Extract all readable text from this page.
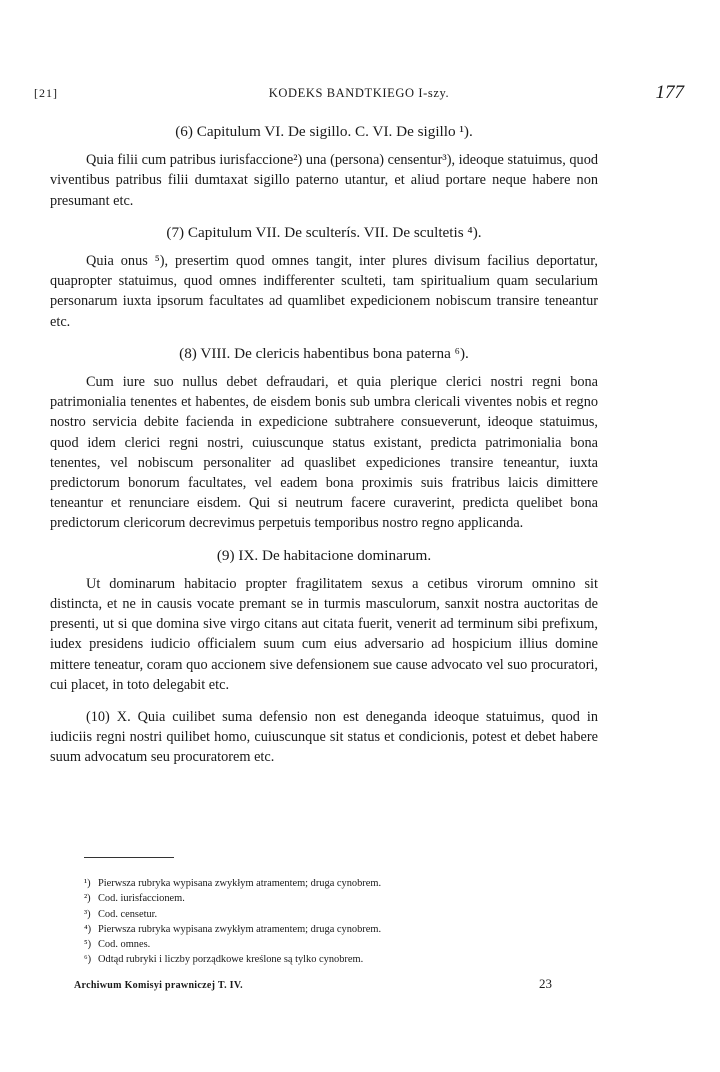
[21]	KODEKS BANDTKIEGO I-szy.	177

(6) Capitulum VI. De sigillo. C. VI. De sigillo ¹).

Quia filii cum patribus iurisfaccione²) una (persona) censentur³), ideoque statuimus, quod viventibus patribus filii dumtaxat sigillo paterno utantur, et aliud portare neque habere non presumant etc.

(7) Capitulum VII. De sculterís. VII. De scultetis ⁴).

Quia onus ⁵), presertim quod omnes tangit, inter plures divisum facilius deportatur, quapropter statuimus, quod omnes indifferenter sculteti, tam spiritualium quam secularium personarum iuxta ipsorum facultates ad quamlibet expedicionem nobiscum transire teneantur etc.

(8) VIII. De clericis habentibus bona paterna ⁶).

Cum iure suo nullus debet defraudari, et quia plerique clerici nostri regni bona patrimonialia tenentes et habentes, de eisdem bonis sub umbra clericali viventes nobis et regno nostro servicia debite facienda in expedicione subtrahere consueverunt, ideoque statuimus, quod idem clerici regni nostri, cuiuscunque status existant, predicta patrimonialia bona tenentes, vel nobiscum personaliter ad quaslibet expediciones transire teneantur, iuxta predictorum bonorum facultates, vel eadem bona proximis suis fratribus laicis dimittere teneantur et renunciare eisdem. Qui si neutrum facere curaverint, predicta quelibet bona predictorum clericorum decrevimus perpetuis temporibus nostro regno applicanda.

(9) IX. De habitacione dominarum.

Ut dominarum habitacio propter fragilitatem sexus a cetibus virorum omnino sit distincta, et ne in causis vocate premant se in turmis masculorum, sanxit nostra auctoritas de presenti, ut si que domina sive virgo citans aut citata fuerit, venerit ad terminum sibi prefixum, iudex presidens iudicio officialem suum cum eius adversario ad hospicium illius domine mittere teneatur, coram quo accionem sive defensionem sue cause advocato vel suo procuratori, cui placet, in toto delegabit etc.

(10) X. Quia cuilibet suma defensio non est deneganda ideoque statuimus, quod in iudiciis regni nostri quilibet homo, cuiuscunque sit status et condicionis, potest et debet habere suum advocatum seu procuratorem etc.

¹) Pierwsza rubryka wypisana zwykłym atramentem; druga cynobrem.
²) Cod. iurisfaccionem.
³) Cod. censetur.
⁴) Pierwsza rubryka wypisana zwykłym atramentem; druga cynobrem.
⁵) Cod. omnes.
⁶) Odtąd rubryki i liczby porządkowe kreślone są tylko cynobrem.
Archiwum Komisyi prawniczej T. IV.	23
